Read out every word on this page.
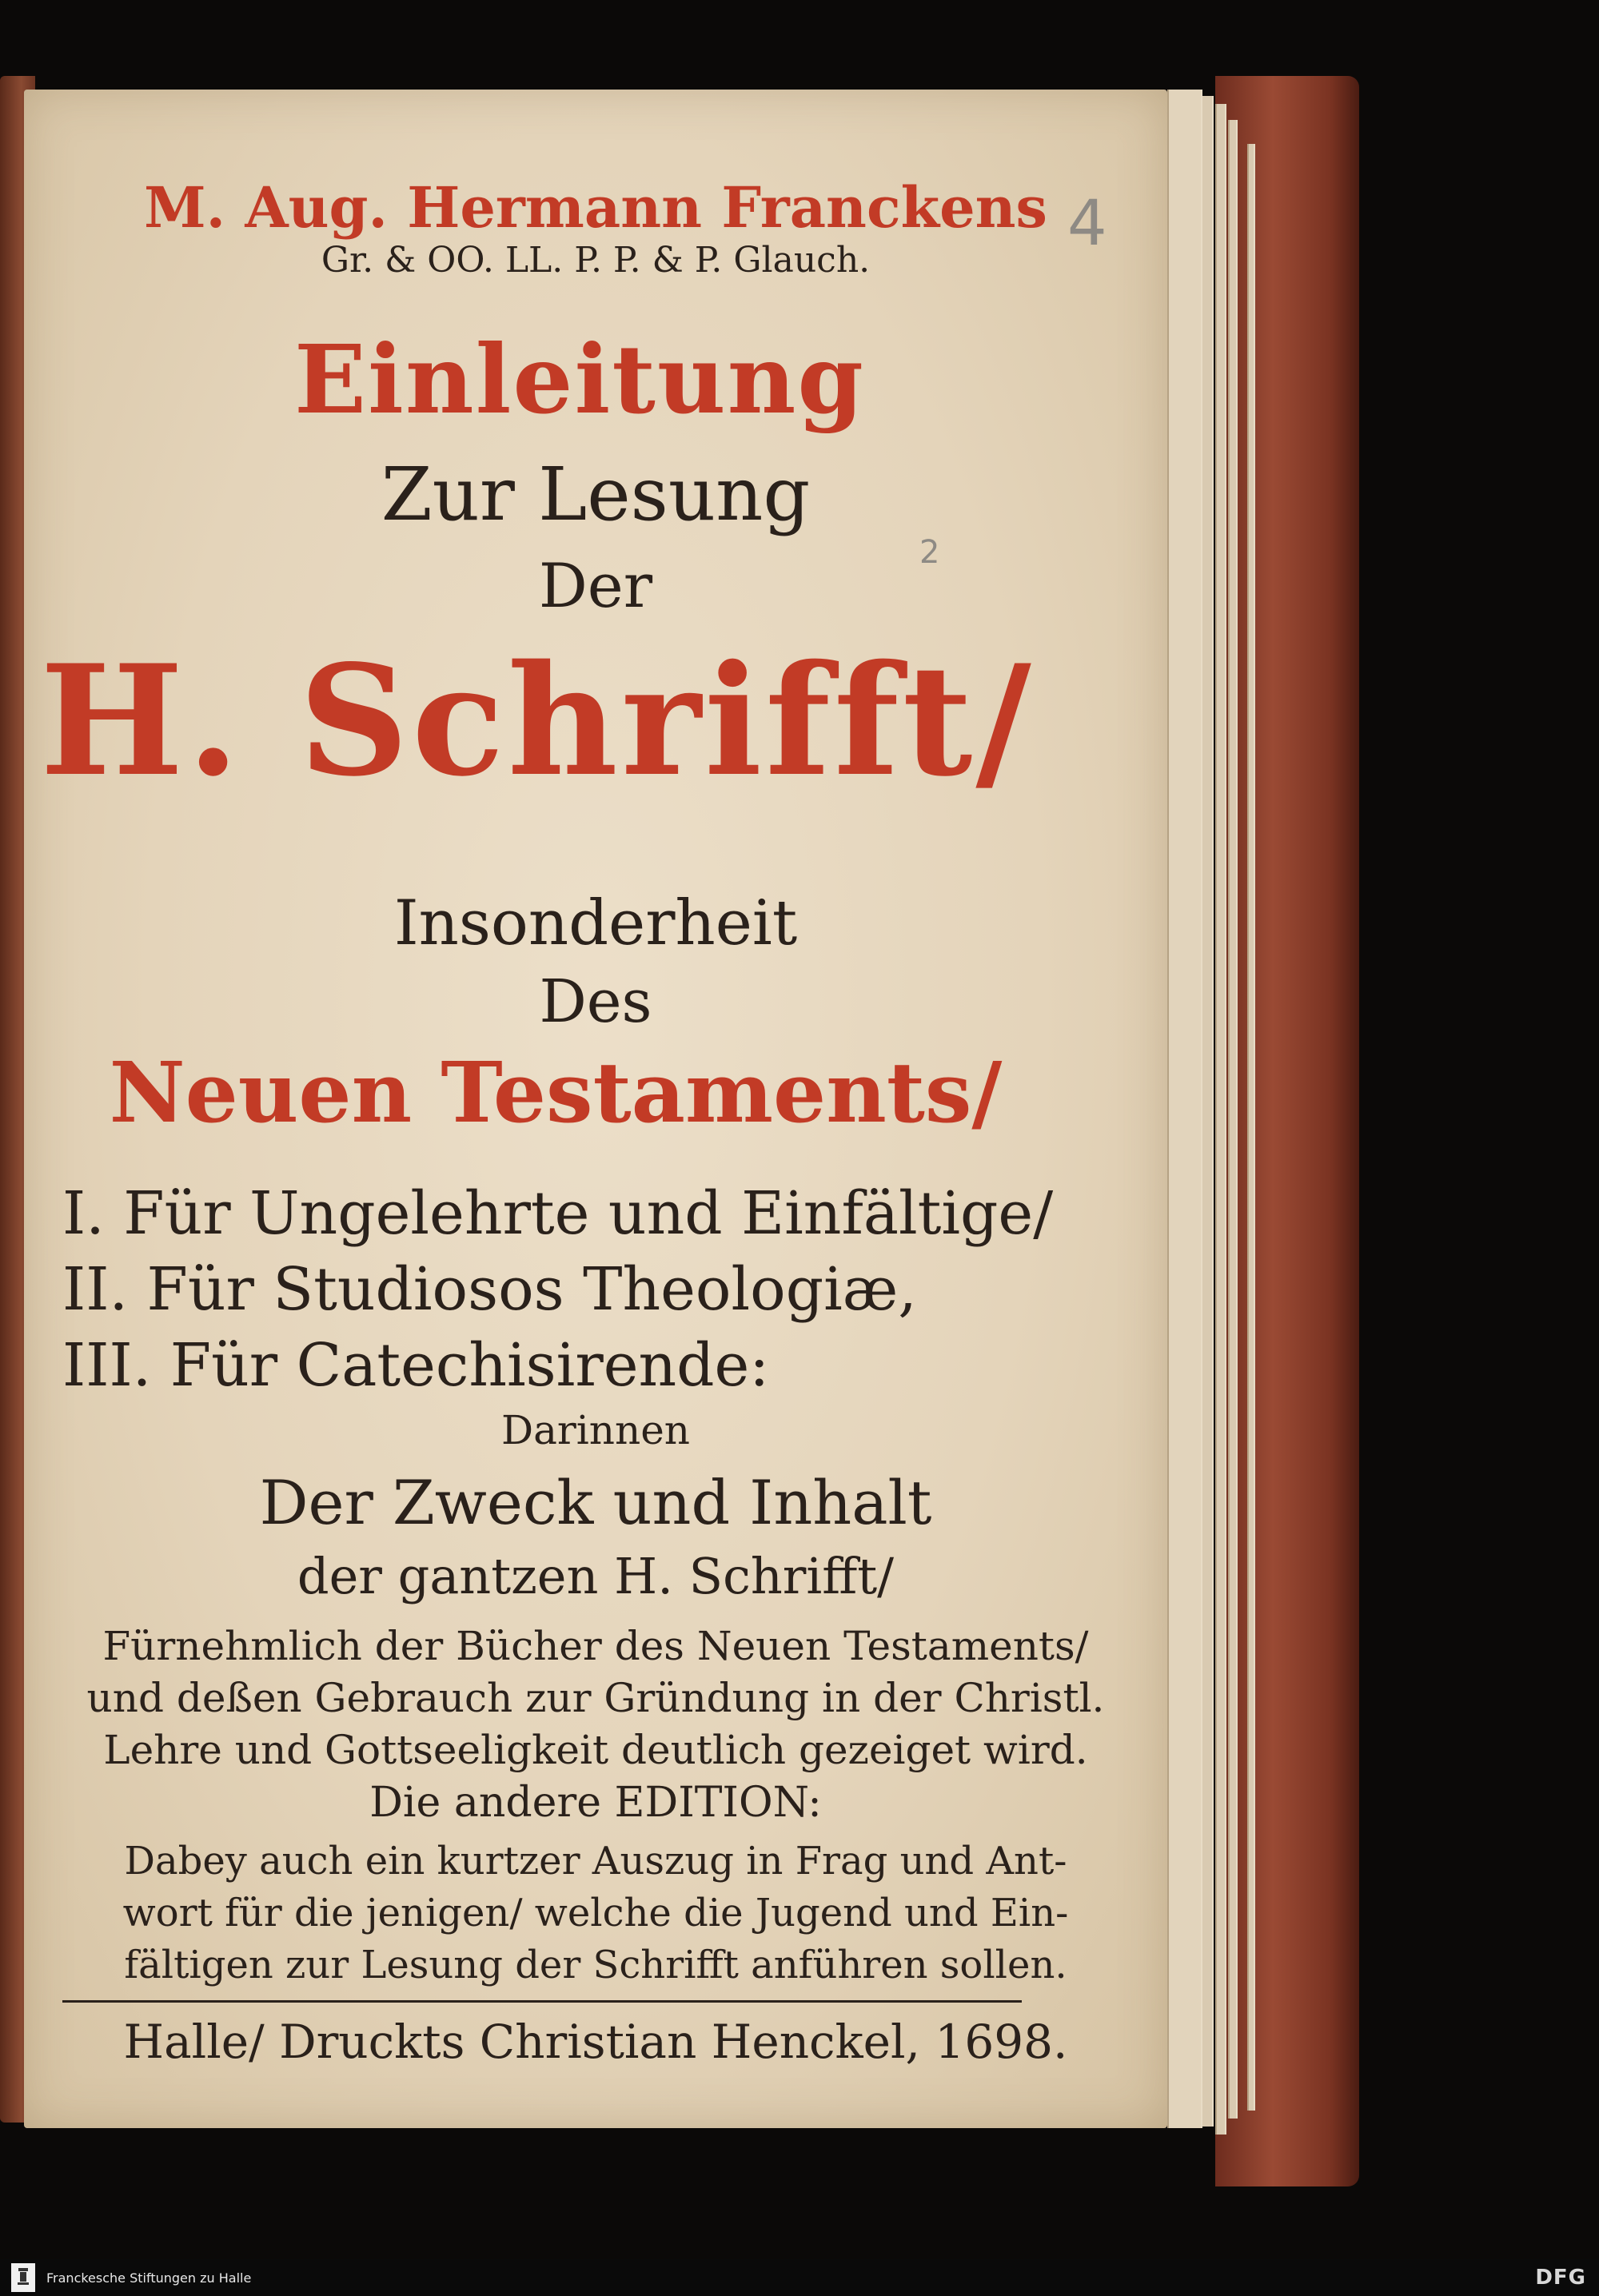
4
2
M. Aug. Hermann Franckens
Gr. & OO. LL. P. P. & P. Glauch.
Einleitung
Zur Lesung
Der
H. Schrifft/
Insonderheit
Des
Neuen Testaments/
I. Für Ungelehrte und Einfältige/
II. Für Studiosos Theologiæ,
III. Für Catechisirende:
Darinnen
Der Zweck und Inhalt
der gantzen H. Schrifft/
Fürnehmlich der Bücher des Neuen Testaments/
und deßen Gebrauch zur Gründung in der Christl.
Lehre und Gottseeligkeit deutlich gezeiget wird.
Die andere EDITION:
Dabey auch ein kurtzer Auszug in Frag und Ant-
wort für die jenigen/ welche die Jugend und Ein-
fältigen zur Lesung der Schrifft anführen sollen.
Halle/ Druckts Christian Henckel, 1698.
Franckesche Stiftungen zu Halle	DFG
